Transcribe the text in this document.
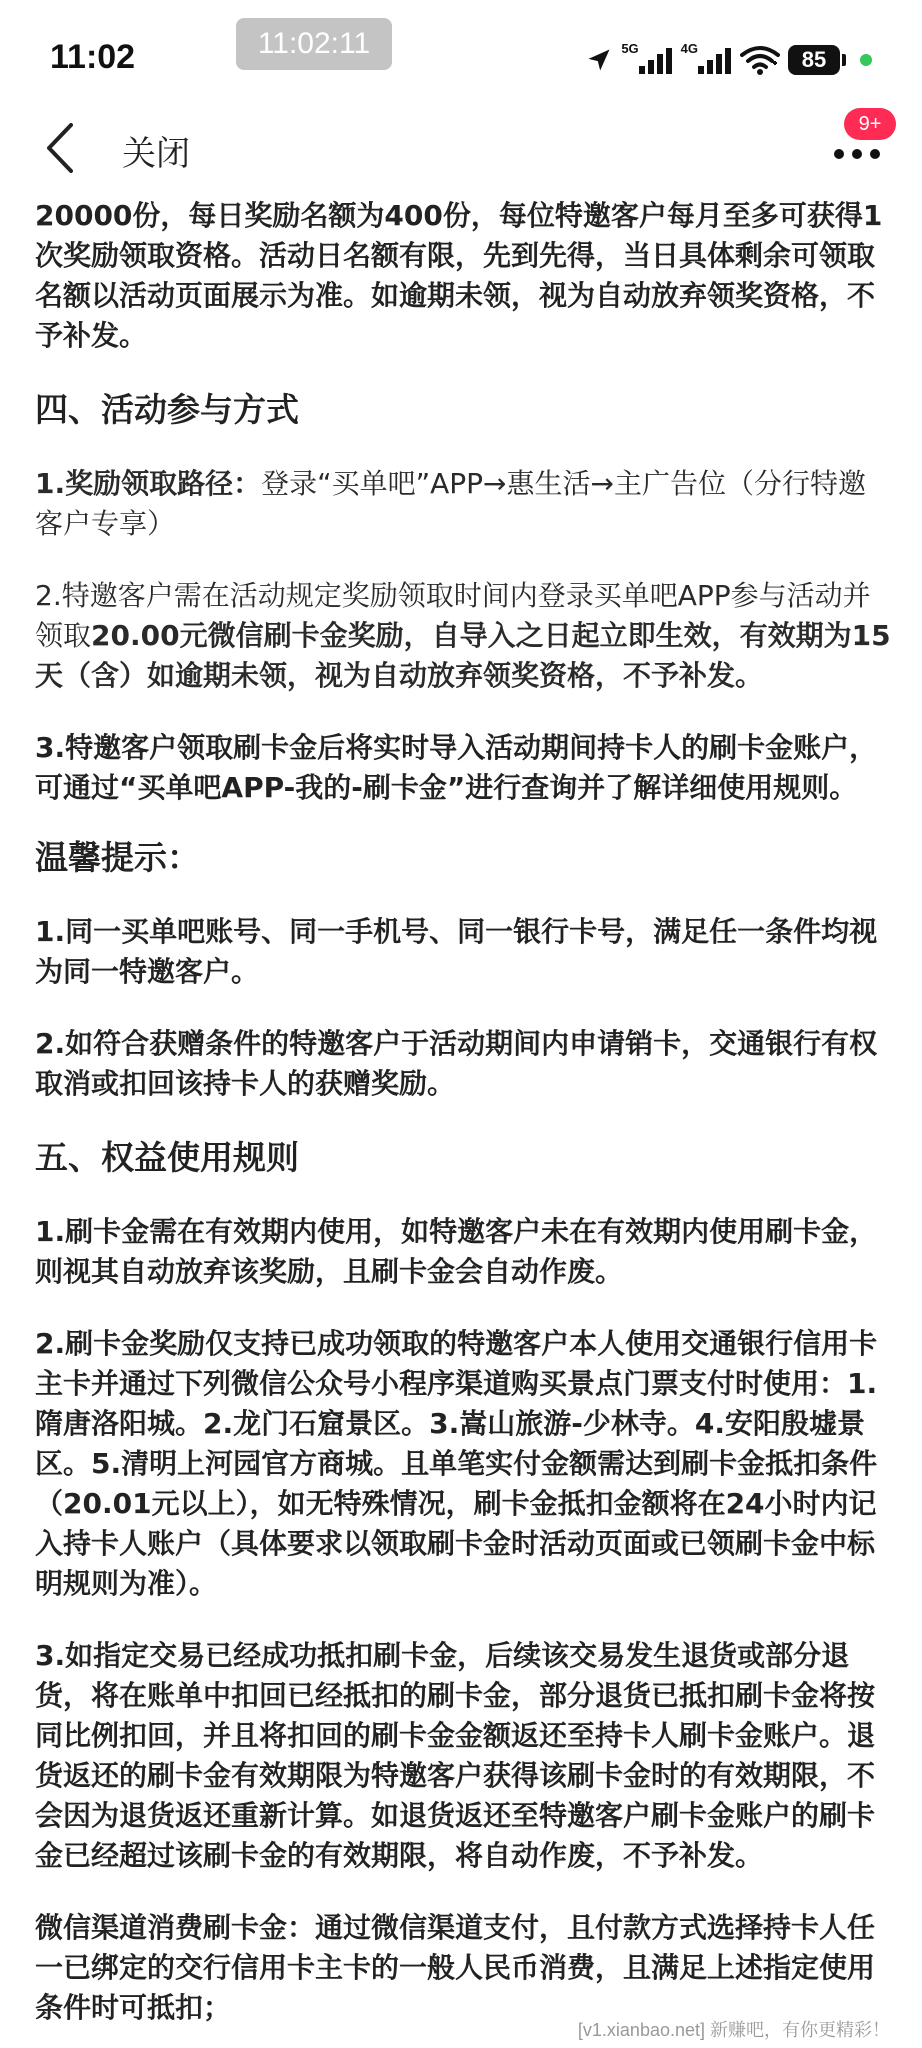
11:02	11:02:11	5G	4G	85
关闭
9+

20000份，每日奖励名额为400份，每位特邀客户每月至多可获得1次奖励领取资格。活动日名额有限，先到先得，当日具体剩余可领取名额以活动页面展示为准。如逾期未领，视为自动放弃领奖资格，不予补发。

四、活动参与方式

1.奖励领取路径：登录“买单吧”APP→惠生活→主广告位（分行特邀客户专享）

2.特邀客户需在活动规定奖励领取时间内登录买单吧APP参与活动并领取20.00元微信刷卡金奖励，自导入之日起立即生效，有效期为15天（含）如逾期未领，视为自动放弃领奖资格，不予补发。

3.特邀客户领取刷卡金后将实时导入活动期间持卡人的刷卡金账户，可通过“买单吧APP-我的-刷卡金”进行查询并了解详细使用规则。

温馨提示：

1.同一买单吧账号、同一手机号、同一银行卡号，满足任一条件均视为同一特邀客户。

2.如符合获赠条件的特邀客户于活动期间内申请销卡，交通银行有权取消或扣回该持卡人的获赠奖励。

五、权益使用规则

1.刷卡金需在有效期内使用，如特邀客户未在有效期内使用刷卡金，则视其自动放弃该奖励，且刷卡金会自动作废。

2.刷卡金奖励仅支持已成功领取的特邀客户本人使用交通银行信用卡主卡并通过下列微信公众号小程序渠道购买景点门票支付时使用：1.隋唐洛阳城。2.龙门石窟景区。3.嵩山旅游-少林寺。4.安阳殷墟景区。5.清明上河园官方商城。且单笔实付金额需达到刷卡金抵扣条件（20.01元以上），如无特殊情况，刷卡金抵扣金额将在24小时内记入持卡人账户（具体要求以领取刷卡金时活动页面或已领刷卡金中标明规则为准）。

3.如指定交易已经成功抵扣刷卡金，后续该交易发生退货或部分退货，将在账单中扣回已经抵扣的刷卡金，部分退货已抵扣刷卡金将按同比例扣回，并且将扣回的刷卡金金额返还至持卡人刷卡金账户。退货返还的刷卡金有效期限为特邀客户获得该刷卡金时的有效期限，不会因为退货返还重新计算。如退货返还至特邀客户刷卡金账户的刷卡金已经超过该刷卡金的有效期限，将自动作废，不予补发。

微信渠道消费刷卡金：通过微信渠道支付，且付款方式选择持卡人任一已绑定的交行信用卡主卡的一般人民币消费，且满足上述指定使用条件时可抵扣；

[v1.xianbao.net] 新赚吧，有你更精彩！
